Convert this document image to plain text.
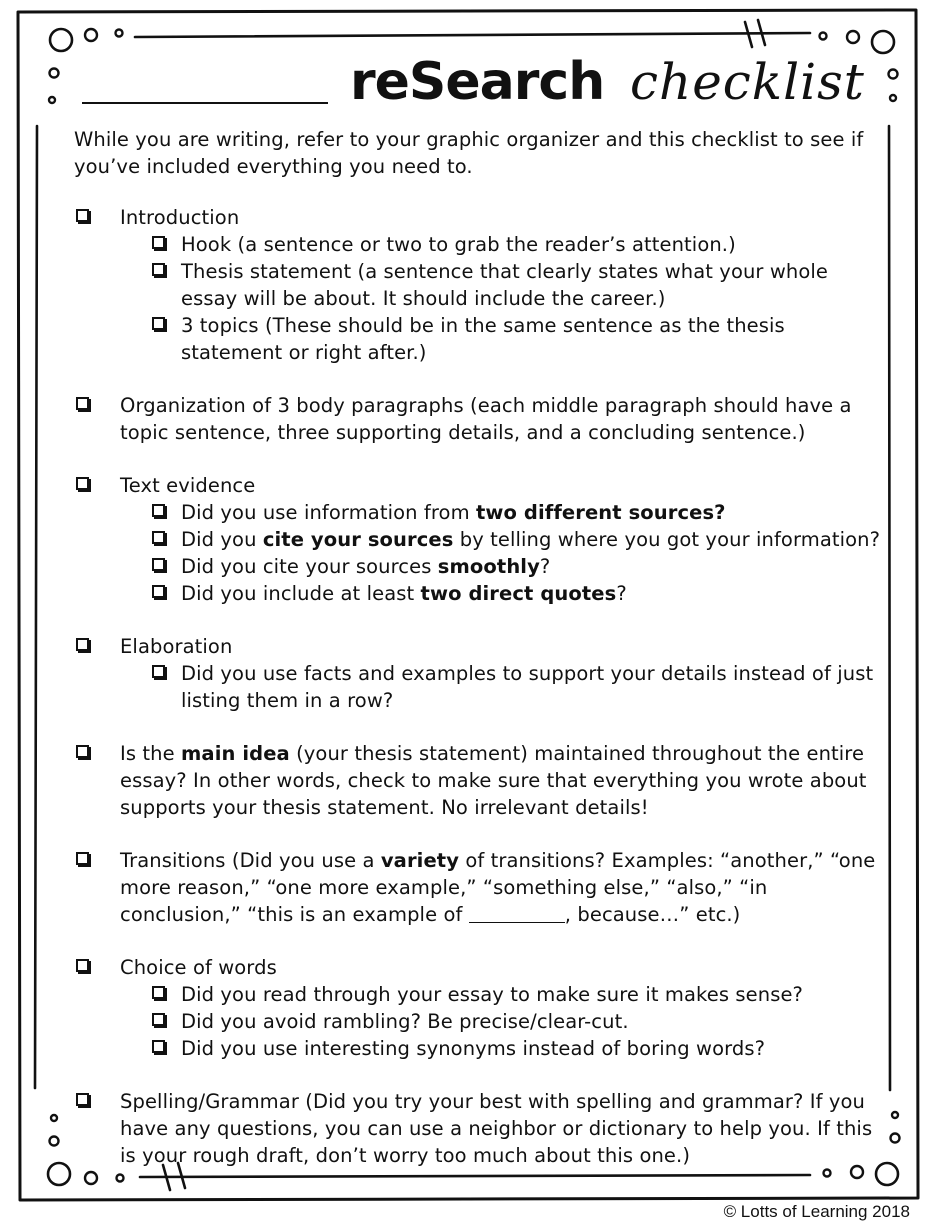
reSearch checklist

While you are writing, refer to your graphic organizer and this checklist to see if you’ve included everything you need to.

Introduction
Hook (a sentence or two to grab the reader’s attention.)
Thesis statement (a sentence that clearly states what your whole essay will be about. It should include the career.)
3 topics (These should be in the same sentence as the thesis statement or right after.)
Organization of 3 body paragraphs (each middle paragraph should have a topic sentence, three supporting details, and a concluding sentence.)
Text evidence
Did you use information from two different sources?
Did you cite your sources by telling where you got your information?
Did you cite your sources smoothly?
Did you include at least two direct quotes?
Elaboration
Did you use facts and examples to support your details instead of just listing them in a row?
Is the main idea (your thesis statement) maintained throughout the entire essay? In other words, check to make sure that everything you wrote about supports your thesis statement. No irrelevant details!
Transitions (Did you use a variety of transitions? Examples: “another,” “one more reason,” “one more example,” “something else,” “also,” “in conclusion,” “this is an example of	, because…” etc.)
Choice of words
Did you read through your essay to make sure it makes sense?
Did you avoid rambling? Be precise/clear-cut.
Did you use interesting synonyms instead of boring words?
Spelling/Grammar (Did you try your best with spelling and grammar? If you have any questions, you can use a neighbor or dictionary to help you. If this is your rough draft, don’t worry too much about this one.)
© Lotts of Learning 2018
